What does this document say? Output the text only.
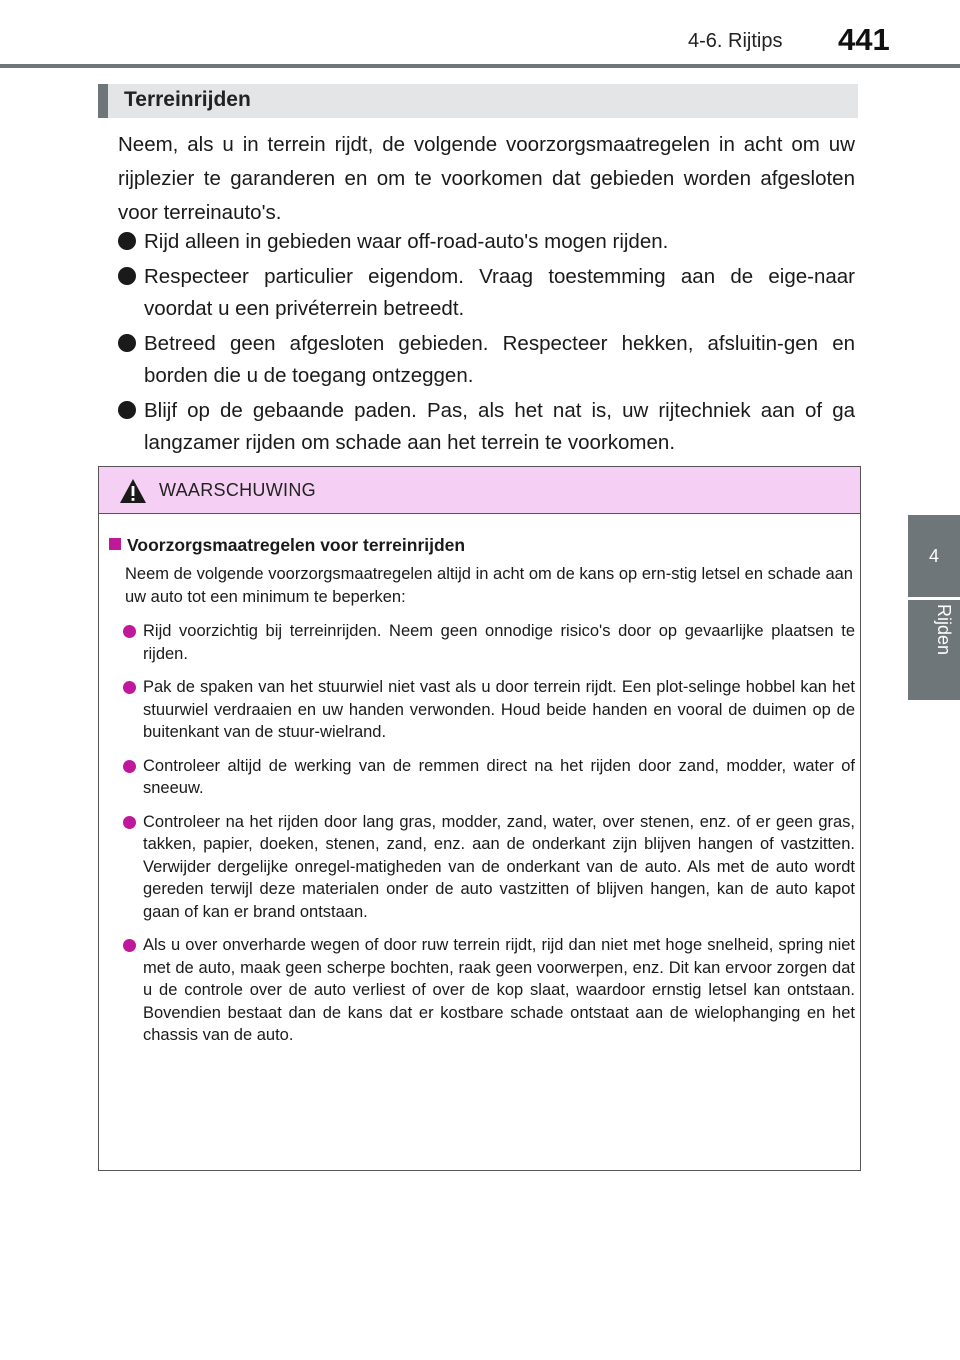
4-6. Rijtips 441
4
Rijden
Terreinrijden

Neem, als u in terrein rijdt, de volgende voorzorgsmaatregelen in acht om uw rijplezier te garanderen en om te voorkomen dat gebieden worden afgesloten voor terreinauto's.

Rijd alleen in gebieden waar off-road-auto's mogen rijden.
Respecteer particulier eigendom. Vraag toestemming aan de eige-naar voordat u een privéterrein betreedt.
Betreed geen afgesloten gebieden. Respecteer hekken, afsluitin-gen en borden die u de toegang ontzeggen.
Blijf op de gebaande paden. Pas, als het nat is, uw rijtechniek aan of ga langzamer rijden om schade aan het terrein te voorkomen.
WAARSCHUWING
Voorzorgsmaatregelen voor terreinrijden
Neem de volgende voorzorgsmaatregelen altijd in acht om de kans op ern-stig letsel en schade aan uw auto tot een minimum te beperken:
Rijd voorzichtig bij terreinrijden. Neem geen onnodige risico's door op gevaarlijke plaatsen te rijden.
Pak de spaken van het stuurwiel niet vast als u door terrein rijdt. Een plot-selinge hobbel kan het stuurwiel verdraaien en uw handen verwonden. Houd beide handen en vooral de duimen op de buitenkant van de stuur-wielrand.
Controleer altijd de werking van de remmen direct na het rijden door zand, modder, water of sneeuw.
Controleer na het rijden door lang gras, modder, zand, water, over stenen, enz. of er geen gras, takken, papier, doeken, stenen, zand, enz. aan de onderkant zijn blijven hangen of vastzitten. Verwijder dergelijke onregel-matigheden van de onderkant van de auto. Als met de auto wordt gereden terwijl deze materialen onder de auto vastzitten of blijven hangen, kan de auto kapot gaan of kan er brand ontstaan.
Als u over onverharde wegen of door ruw terrein rijdt, rijd dan niet met hoge snelheid, spring niet met de auto, maak geen scherpe bochten, raak geen voorwerpen, enz. Dit kan ervoor zorgen dat u de controle over de auto verliest of over de kop slaat, waardoor ernstig letsel kan ontstaan. Bovendien bestaat dan de kans dat er kostbare schade ontstaat aan de wielophanging en het chassis van de auto.
